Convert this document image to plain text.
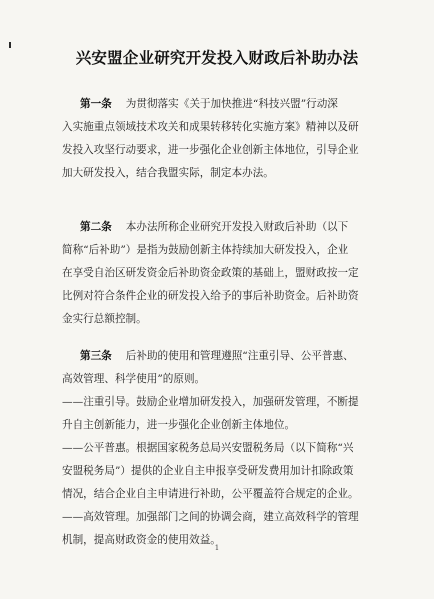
兴安盟企业研究开发投入财政后补助办法
第一条 为贯彻落实《关于加快推进“科技兴盟”行动深
入实施重点领域技术攻关和成果转移转化实施方案》精神以及研
发投入攻坚行动要求，进一步强化企业创新主体地位，引导企业
加大研发投入，结合我盟实际，制定本办法。
第二条 本办法所称企业研究开发投入财政后补助（以下
简称“后补助”）是指为鼓励创新主体持续加大研发投入，企业
在享受自治区研发资金后补助资金政策的基础上，盟财政按一定
比例对符合条件企业的研发投入给予的事后补助资金。后补助资
金实行总额控制。
第三条 后补助的使用和管理遵照“注重引导、公平普惠、
高效管理、科学使用”的原则。
——注重引导。鼓励企业增加研发投入，加强研发管理，不断提
升自主创新能力，进一步强化企业创新主体地位。
——公平普惠。根据国家税务总局兴安盟税务局（以下简称“兴
安盟税务局”）提供的企业自主申报享受研发费用加计扣除政策
情况，结合企业自主申请进行补助，公平覆盖符合规定的企业。
——高效管理。加强部门之间的协调会商，建立高效科学的管理
机制，提高财政资金的使用效益。
1
